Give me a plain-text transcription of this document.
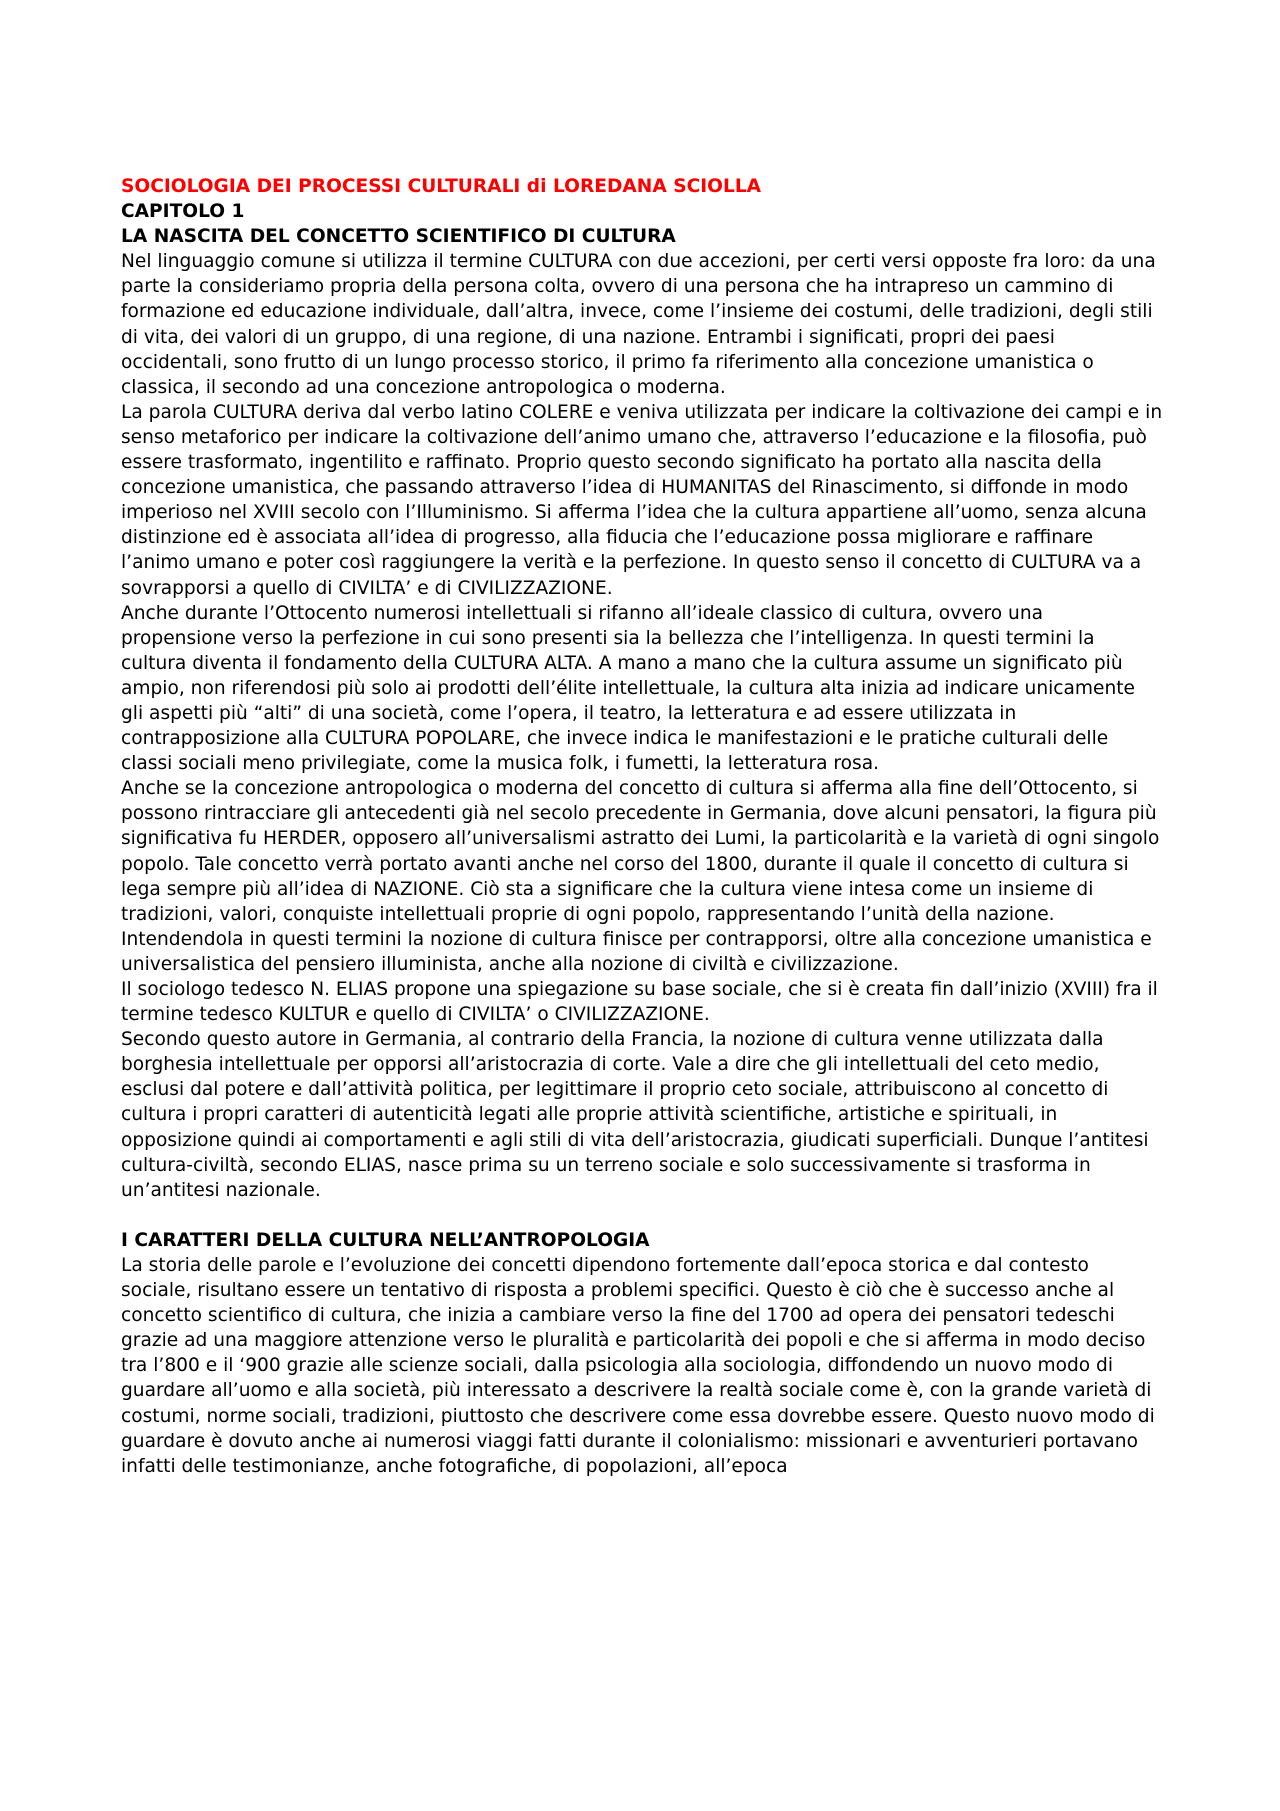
SOCIOLOGIA DEI PROCESSI CULTURALI di LOREDANA SCIOLLA

CAPITOLO 1

LA NASCITA DEL CONCETTO SCIENTIFICO DI CULTURA

Nel linguaggio comune si utilizza il termine CULTURA con due accezioni, per certi versi opposte fra loro: da una parte la consideriamo propria della persona colta, ovvero di una persona che ha intrapreso un cammino di formazione ed educazione individuale, dall’altra, invece, come l’insieme dei costumi, delle tradizioni, degli stili di vita, dei valori di un gruppo, di una regione, di una nazione. Entrambi i significati, propri dei paesi occidentali, sono frutto di un lungo processo storico, il primo fa riferimento alla concezione umanistica o classica, il secondo ad una concezione antropologica o moderna.

La parola CULTURA deriva dal verbo latino COLERE e veniva utilizzata per indicare la coltivazione dei campi e in senso metaforico per indicare la coltivazione dell’animo umano che, attraverso l’educazione e la filosofia, può essere trasformato, ingentilito e raffinato. Proprio questo secondo significato ha portato alla nascita della concezione umanistica, che passando attraverso l’idea di HUMANITAS del Rinascimento, si diffonde in modo imperioso nel XVIII secolo con l’Illuminismo. Si afferma l’idea che la cultura appartiene all’uomo, senza alcuna distinzione ed è associata all’idea di progresso, alla fiducia che l’educazione possa migliorare e raffinare l’animo umano e poter così raggiungere la verità e la perfezione. In questo senso il concetto di CULTURA va a sovrapporsi a quello di CIVILTA’ e di CIVILIZZAZIONE.

Anche durante l’Ottocento numerosi intellettuali si rifanno all’ideale classico di cultura, ovvero una propensione verso la perfezione in cui sono presenti sia la bellezza che l’intelligenza. In questi termini la cultura diventa il fondamento della CULTURA ALTA. A mano a mano che la cultura assume un significato più ampio, non riferendosi più solo ai prodotti dell’élite intellettuale, la cultura alta inizia ad indicare unicamente gli aspetti più “alti” di una società, come l’opera, il teatro, la letteratura e ad essere utilizzata in contrapposizione alla CULTURA POPOLARE, che invece indica le manifestazioni e le pratiche culturali delle classi sociali meno privilegiate, come la musica folk, i fumetti, la letteratura rosa.

Anche se la concezione antropologica o moderna del concetto di cultura si afferma alla fine dell’Ottocento, si possono rintracciare gli antecedenti già nel secolo precedente in Germania, dove alcuni pensatori, la figura più significativa fu HERDER, opposero all’universalismi astratto dei Lumi, la particolarità e la varietà di ogni singolo popolo. Tale concetto verrà portato avanti anche nel corso del 1800, durante il quale il concetto di cultura si lega sempre più all’idea di NAZIONE. Ciò sta a significare che la cultura viene intesa come un insieme di tradizioni, valori, conquiste intellettuali proprie di ogni popolo, rappresentando l’unità della nazione. Intendendola in questi termini la nozione di cultura finisce per contrapporsi, oltre alla concezione umanistica e universalistica del pensiero illuminista, anche alla nozione di civiltà e civilizzazione.

Il sociologo tedesco N. ELIAS propone una spiegazione su base sociale, che si è creata fin dall’inizio (XVIII) fra il termine tedesco KULTUR e quello di CIVILTA’ o CIVILIZZAZIONE.

Secondo questo autore in Germania, al contrario della Francia, la nozione di cultura venne utilizzata dalla borghesia intellettuale per opporsi all’aristocrazia di corte. Vale a dire che gli intellettuali del ceto medio, esclusi dal potere e dall’attività politica, per legittimare il proprio ceto sociale, attribuiscono al concetto di cultura i propri caratteri di autenticità legati alle proprie attività scientifiche, artistiche e spirituali, in opposizione quindi ai comportamenti e agli stili di vita dell’aristocrazia, giudicati superficiali. Dunque l’antitesi cultura-civiltà, secondo ELIAS, nasce prima su un terreno sociale e solo successivamente si trasforma in un’antitesi nazionale.

I CARATTERI DELLA CULTURA NELL’ANTROPOLOGIA

La storia delle parole e l’evoluzione dei concetti dipendono fortemente dall’epoca storica e dal contesto sociale, risultano essere un tentativo di risposta a problemi specifici. Questo è ciò che è successo anche al concetto scientifico di cultura, che inizia a cambiare verso la fine del 1700 ad opera dei pensatori tedeschi grazie ad una maggiore attenzione verso le pluralità e particolarità dei popoli e che si afferma in modo deciso tra l’800 e il ‘900 grazie alle scienze sociali, dalla psicologia alla sociologia, diffondendo un nuovo modo di guardare all’uomo e alla società, più interessato a descrivere la realtà sociale come è, con la grande varietà di costumi, norme sociali, tradizioni, piuttosto che descrivere come essa dovrebbe essere. Questo nuovo modo di guardare è dovuto anche ai numerosi viaggi fatti durante il colonialismo: missionari e avventurieri portavano infatti delle testimonianze, anche fotografiche, di popolazioni, all’epoca
